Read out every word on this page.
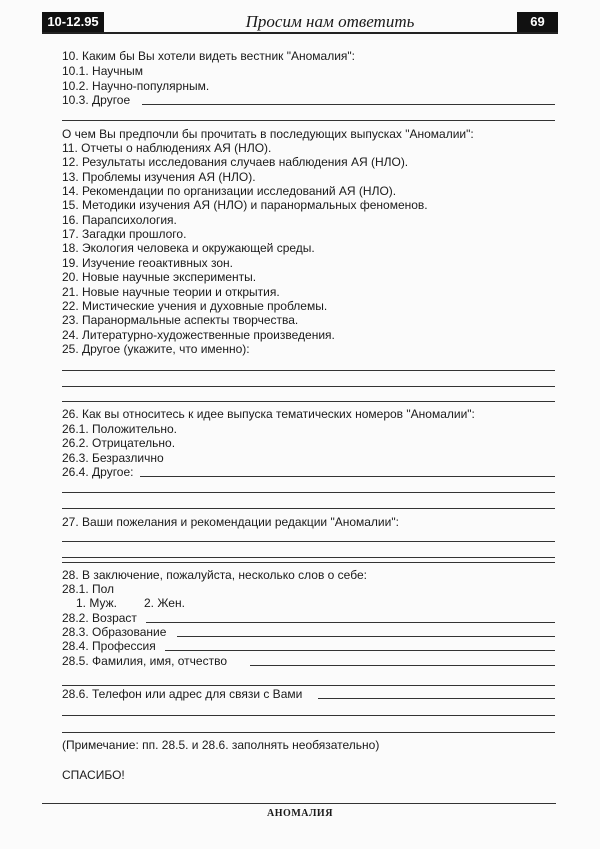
10-12.95	Просим нам ответить	69
10. Каким бы Вы хотели видеть вестник "Аномалия":
10.1. Научным
10.2. Научно-популярным.
10.3. Другое
О чем Вы предпочли бы прочитать в последующих выпусках "Аномалии":
11. Отчеты о наблюдениях АЯ (НЛО).
12. Результаты исследования случаев наблюдения АЯ (НЛО).
13. Проблемы изучения АЯ (НЛО).
14. Рекомендации по организации исследований АЯ (НЛО).
15. Методики изучения АЯ (НЛО) и паранормальных феноменов.
16. Парапсихология.
17. Загадки прошлого.
18. Экология человека и окружающей среды.
19. Изучение геоактивных зон.
20. Новые научные эксперименты.
21. Новые научные теории и открытия.
22. Мистические учения и духовные проблемы.
23. Паранормальные аспекты творчества.
24. Литературно-художественные произведения.
25. Другое (укажите, что именно):
26. Как вы относитесь к идее выпуска тематических номеров "Аномалии":
26.1. Положительно.
26.2. Отрицательно.
26.3. Безразлично
26.4. Другое:
27. Ваши пожелания и рекомендации редакции "Аномалии":
28. В заключение, пожалуйста, несколько слов о себе:
28.1. Пол
1. Муж. 2. Жен.
28.2. Возраст
28.3. Образование
28.4. Профессия
28.5. Фамилия, имя, отчество
28.6. Телефон или адрес для связи с Вами
(Примечание: пп. 28.5. и 28.6. заполнять необязательно)
СПАСИБО!
АНОМАЛИЯ
